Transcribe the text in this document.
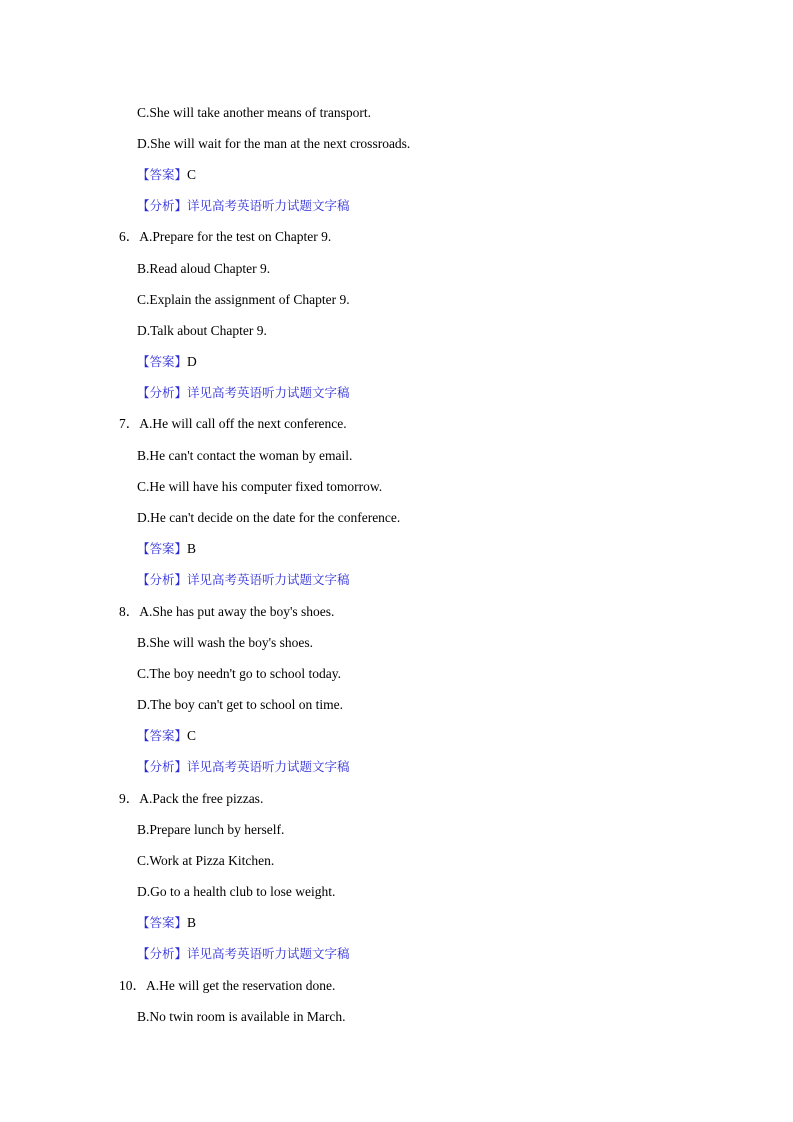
C.She will take another means of transport.
D.She will wait for the man at the next crossroads.
【答案】C
【分析】详见高考英语听力试题文字稿
6．A.Prepare for the test on Chapter 9.
B.Read aloud Chapter 9.
C.Explain the assignment of Chapter 9.
D.Talk about Chapter 9.
【答案】D
【分析】详见高考英语听力试题文字稿
7．A.He will call off the next conference.
B.He can't contact the woman by email.
C.He will have his computer fixed tomorrow.
D.He can't decide on the date for the conference.
【答案】B
【分析】详见高考英语听力试题文字稿
8．A.She has put away the boy's shoes.
B.She will wash the boy's shoes.
C.The boy needn't go to school today.
D.The boy can't get to school on time.
【答案】C
【分析】详见高考英语听力试题文字稿
9．A.Pack the free pizzas.
B.Prepare lunch by herself.
C.Work at Pizza Kitchen.
D.Go to a health club to lose weight.
【答案】B
【分析】详见高考英语听力试题文字稿
10．A.He will get the reservation done.
B.No twin room is available in March.
